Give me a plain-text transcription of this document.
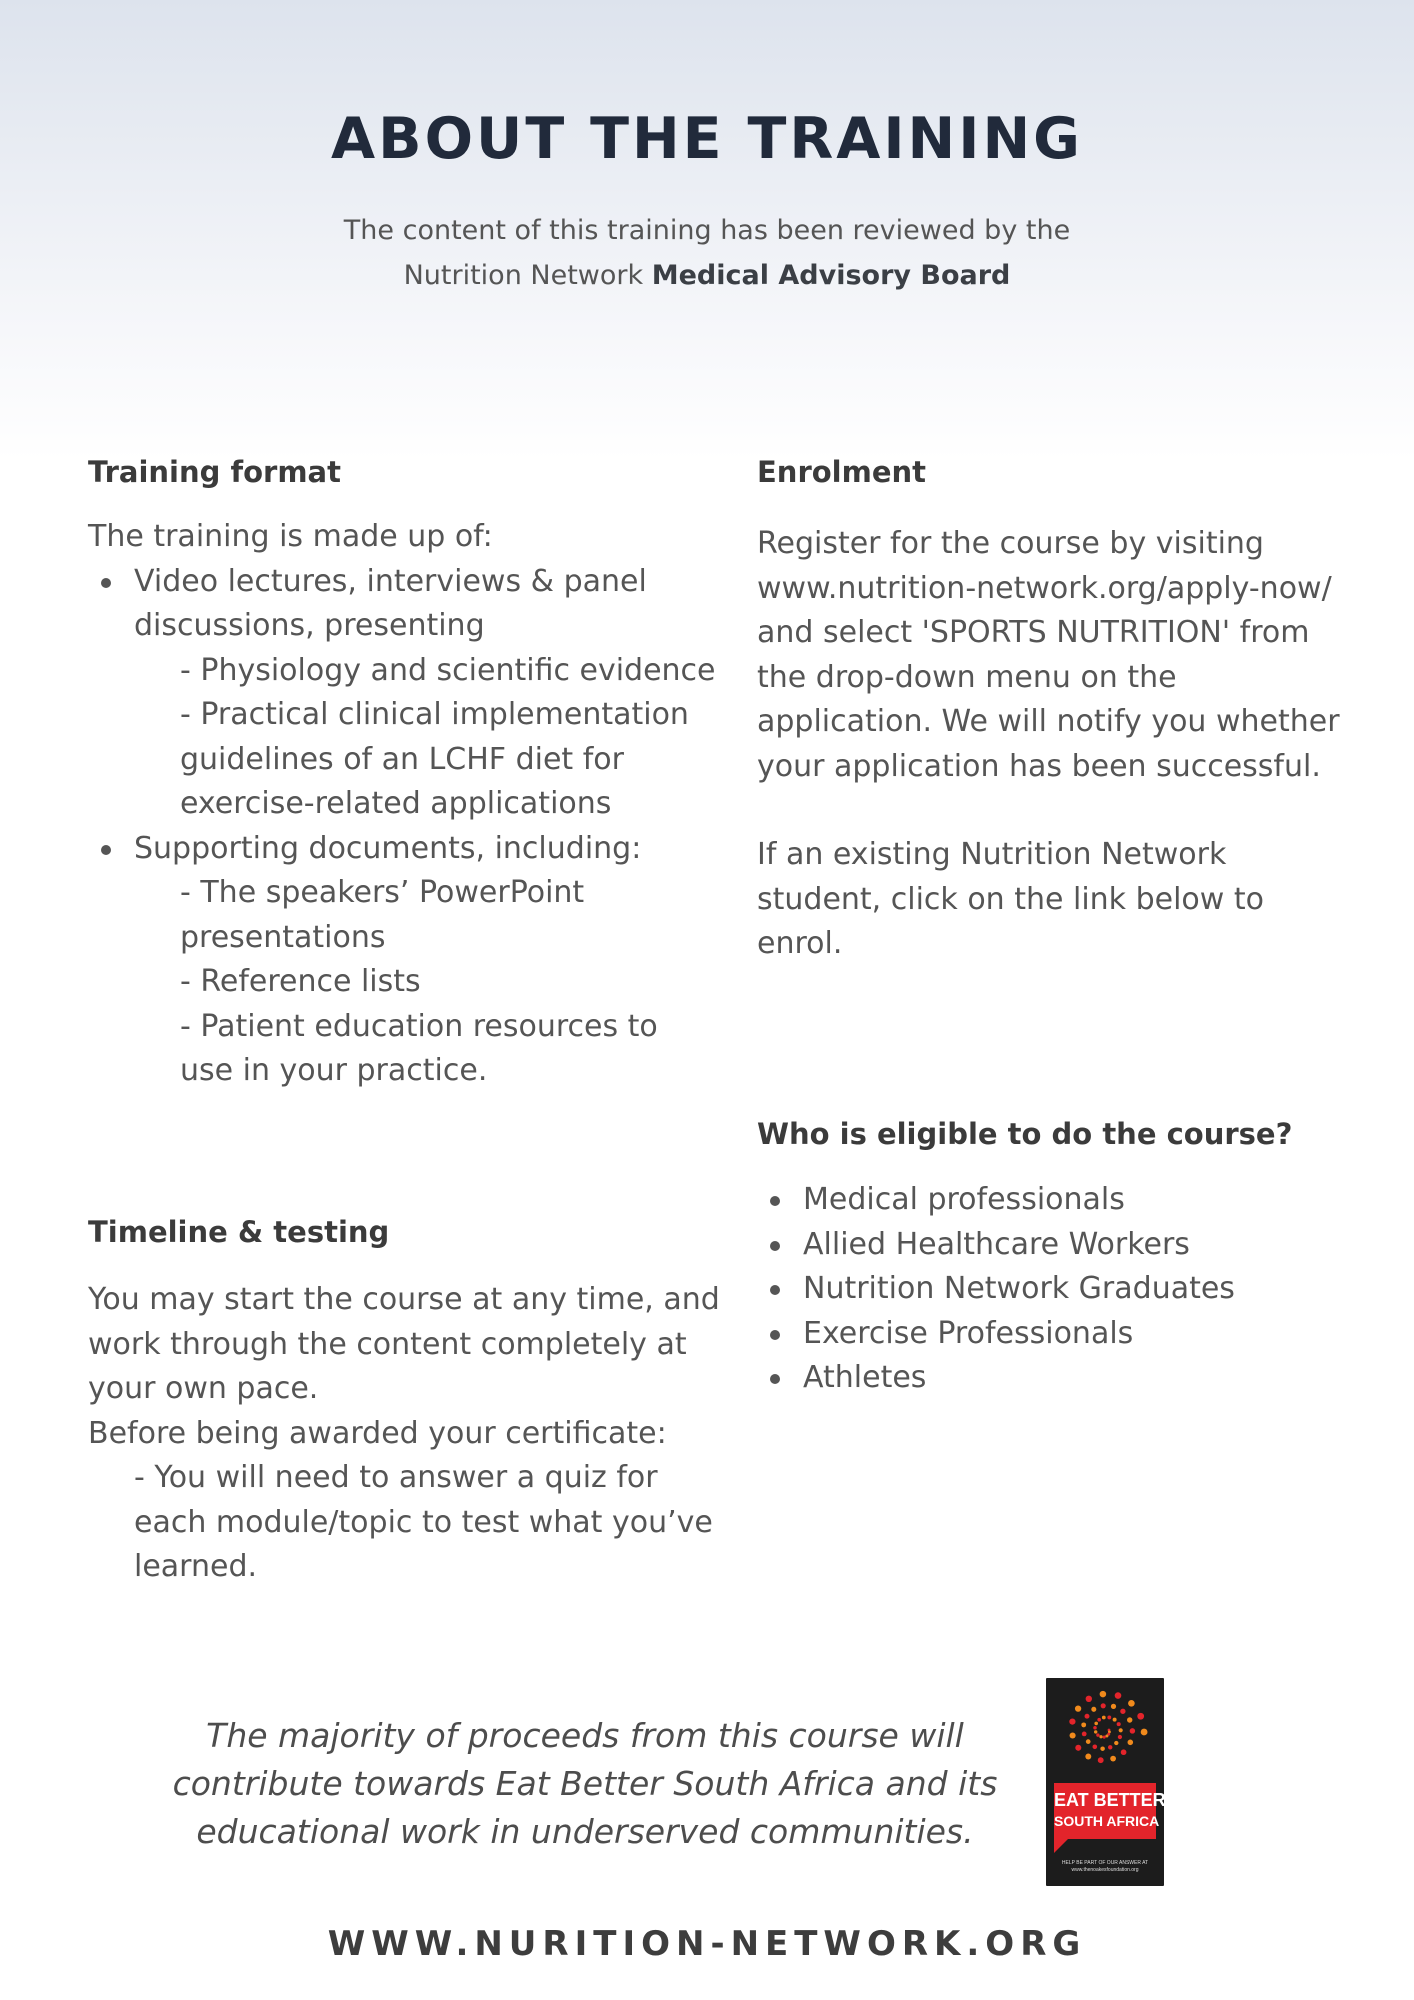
ABOUT THE TRAINING
The content of this training has been reviewed by the
Nutrition Network Medical Advisory Board
Training format

The training is made up of:

Video lectures, interviews & panel discussions, presenting
- Physiology and scientific evidence
- Practical clinical implementation guidelines of an LCHF diet for exercise-related applications
Supporting documents, including:
- The speakers’ PowerPoint presentations
- Reference lists
- Patient education resources to use in your practice.
Timeline & testing

You may start the course at any time, and work through the content completely at your own pace.

Before being awarded your certificate:

- You will need to answer a quiz for each module/topic to test what you’ve learned.

Enrolment

Register for the course by visiting www.nutrition-network.org/apply-now/ and select 'SPORTS NUTRITION' from the drop-down menu on the application. We will notify you whether your application has been successful.

If an existing Nutrition Network student, click on the link below to enrol.

Who is eligible to do the course?
Medical professionals
Allied Healthcare Workers
Nutrition Network Graduates
Exercise Professionals
Athletes
The majority of proceeds from this course will contribute towards Eat Better South Africa and its educational work in underserved communities.
EAT BETTER
SOUTH AFRICA
HELP BE PART OF OUR ANSWER AT
www.thenoakesfoundation.org
WWW.NURITION-NETWORK.ORG
